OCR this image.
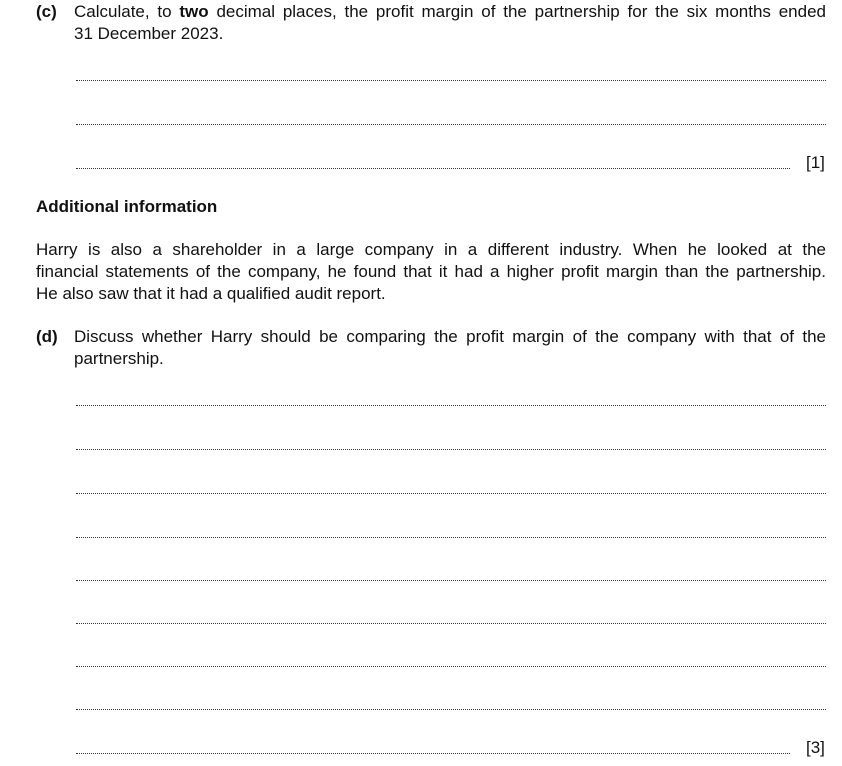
(c) Calculate, to two decimal places, the profit margin of the partnership for the six months ended
31 December 2023.
[1]
Additional information
Harry is also a shareholder in a large company in a different industry. When he looked at the
financial statements of the company, he found that it had a higher profit margin than the partnership.
He also saw that it had a qualified audit report.
(d) Discuss whether Harry should be comparing the profit margin of the company with that of the
partnership.
[3]
